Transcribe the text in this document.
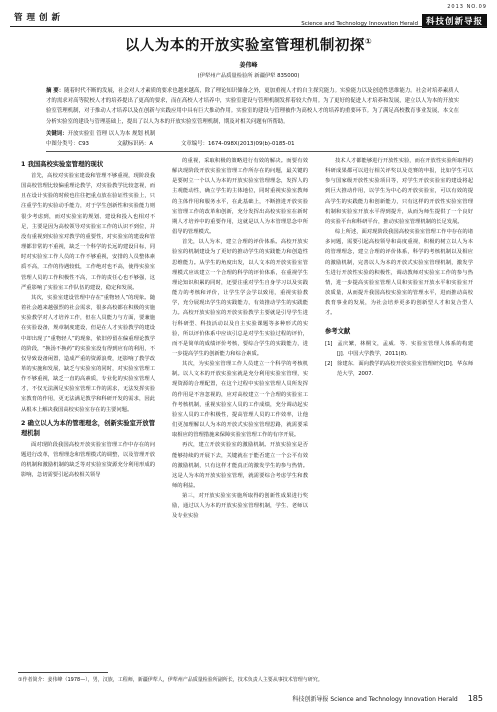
管理创新
2013 NO.09
Science and Technology Innovation Herald 科技创新导报
以人为本的开放实验室管理机制初探①
姜伟峰
(伊犁州产品质量检验所 新疆伊犁 835000)
摘 要：随着时代不断的发展，社会对人才素质的要求也越来越高，除了理论知识储备之外，更加重视人才的自主探究能力。实验能力以及创造性思维能力。社会对培养素质人才的需求对高等院校人才的培养提出了更高的要求，而在高校人才培养中，实验室建设与管理机制发挥着较大作用。为了更好的促进人才培养和发展，建立以人为本的开放实验室管理机制，对于推动人才培养以及在创新与实践应用中具有巨大推动作用。实验室的建设与管理被作为高校人才的培养的重要环节。为了满足高校教育事业发展，本文在分析实验室的建设与管理基础上，提出了以人为本的开放实验室管理机制，期及对相关问题有所帮助。
关键词：开放实验室 管理 以人为本 规划 机制
中图分类号：C93	文献标识码：A	文章编号：1674-098X(2013)09(b)-0185-01
1 我国高校实验室管理的现状

首先，高校对实验室建设和管理不够重视，现阶段我国高校管理比较偏重理论教学，对实验教学比较忽视，而且在设计实验的时候也往往把重点放在验证性实验上，只注重学生的实验动手能力，对于学生创新性和实验能力则很少考虑到，而对实验室的规划、建设和投入也相对不足，主要是因为高校领导对实验室工作的认识不到位，并没有重视到实验室对教学的重要性，对实验室的建设和管理都非常的不重视，缺乏一个科学的长远的建设目标，同时对实验室工作人员的工作不够重视，安排的人员整体素质不高，工作的待遇较低，工作绝对也不高，使得实验室管理人员的工作积极性不高，工作的责任心也不够强，这严重影响了实验室工作队伍的建设，稳定和发展。

其次，实验室建设管理中存在“重物轻人”的现象。随着社会越来越强烈的社会需求，很多高校都在积极的实施实验教学对人才培养工作，但在人员能力与方面，要兼施在实验设备，规章制度建设，但是在人才实验教学的建设中却出现了“重物轻人”的现象，依旧停留在偏重理论教学的阶段，“换汤不换药”的实验室没有得到应有的利用，不仅导致设备闲置，造成严重的资源浪费，还影响了教学改革的实施和发展，缺乏与实验室的同时，对实验室管理工作不够重视，缺乏一直的高素质，专业化的实验室管理人才，不仅无法满足实验室管理工作的需求，无法发挥实验室教育的作用，更无法满足教学和科研开发的需求，因此从根本上解决我国高校实验室存在的主要问题。

2 确立以人为本的管理理念，创新实验室开放管理机制

面对现阶段我国高校开放实验室管理工作中存在的问题进行改革，管理理念和管理模式的调整，以及管理开放的机制和激励机制的缺乏等对实验室资源充分利用形成的影响，急切需要引起高校相关领导

的重视，采取积极的策略进行有效的解决。而要有效解决现阶段开放实验室管理工作所存在的问题，最关键的是要树立一个以人为本的开放实验室管理理念，发挥人的主观能动性，确立学生的主体地位，同时重视实验室教师的主体作用和服务水平，在此基础上，不断推进开放实验室管理工作的改革和创新，充分发挥出高校实验室在新时期人才培养中的重要作用，这就是以人为本管理思念中所倡导的管理模式。

首先，以人为本，建立合理的评价体系。高校开放实验室的机制建设为了更好的推动学生的实践能力和创造性思维能力。从学生的角度出发，以人文本的开放实验室管理模式应该建立一个合理的科学的评价体系，在重视学生理论知识积累的同时，还要注重对学生自身学习以及实践能力的考核和评价，让学生学会学以致用，重视实验教学，充分展现出学生的实践能力，有效推动学生的实践能力。高校开放实验室的开放实验教学主要就是引导学生进行科研型、科技活动以及自主实验课题等多种形式的实验，所以评价体系中应该引总是对学生实验过程的评价，而不是简单的成绩评价考核，要综合学生的实践能力，进一步提高学生的创新能力和综合素质。

其次，为实验室管理工作人员建立一个科学的考核机制。以人文本的开放实验室就是充分利用实验室管理，实现资源的合理配置，在这个过程中实验室管理人员所发挥的作用是不容忽视的，应对高校建立一个合理的实验室工作考核机制，重视实验室人员的工作成绩，充分调动起实验室人员的工作积极性，提高管理人员的工作效率，让他们更加理解以人为本的开放式实验室管理思路，就需要采取相应的管理措施来保障实验室管理工作的有序开展。

再次，建立开放实验室的激励机制。开放实验室是否能够持续的开展下去，关键就在于能否建立一个公平有效的激励机制，只有这样才能真正的激发学生的参与热情。这是人为本的开放实验室管理，就需要综合考虑学生和教师的利益。

第三，对开放实验室实施所取得的创新性成果进行奖励，通过以人为本的开放实验室管理机制，学生、老师以及专业实验

技术人才都能够进行开放性实验，而在开放性实验所取得的科研成果都可以进行相关评奖以及竞赛的申报，比如学生可以参与国家级开放性实验项目等，对学生开放实验室的建设将起到巨大推动作用，以学生为中心的开放实验室，可以有效的提高学生的实践能力和创新能力，只有这样的开放性实验室管理机制和实验室开放水平得到提升，从而为师生提供了一个良好的实验平台和科研平台，推动实验室管理机制的长足发展。

综上所述，面对现阶段我国高校实验室管理工作中存在的诸多问题，需要引起高校领导和高度重视，积极的树立以人为本的管理理念，建立合理的评价体系，科学的考核机制以及相应的激励机制，完善以人为本的开放式实验室管理机制，激发学生进行开放性实验的积极性，调动教师对实验室工作的参与热情，进一步提高实验室管理人员和实验室开放水平和实验室开放质量，从而提升我国高校实验室的管理水平，进而推动高校教育事业的发展，为社会培养更多的创新型人才和复合型人才。

参考文献

[1] 孟庆繁，林桐文，孟威．等．实验室管理人体系的构建[J]．中国大学教学，2011(8).

[2] 徐建东．面向教学的高校开放实验室管理研究[D]．华东师范大学，2007.

①作者简介：姜伟峰（1978—），男，汉族，工程师，新疆伊犁人，伊犁州产品质量检验所副所长，技术负责人主要从事技术管理与研究。
科技创新导报 Science and Technology Innovation Herald 185
